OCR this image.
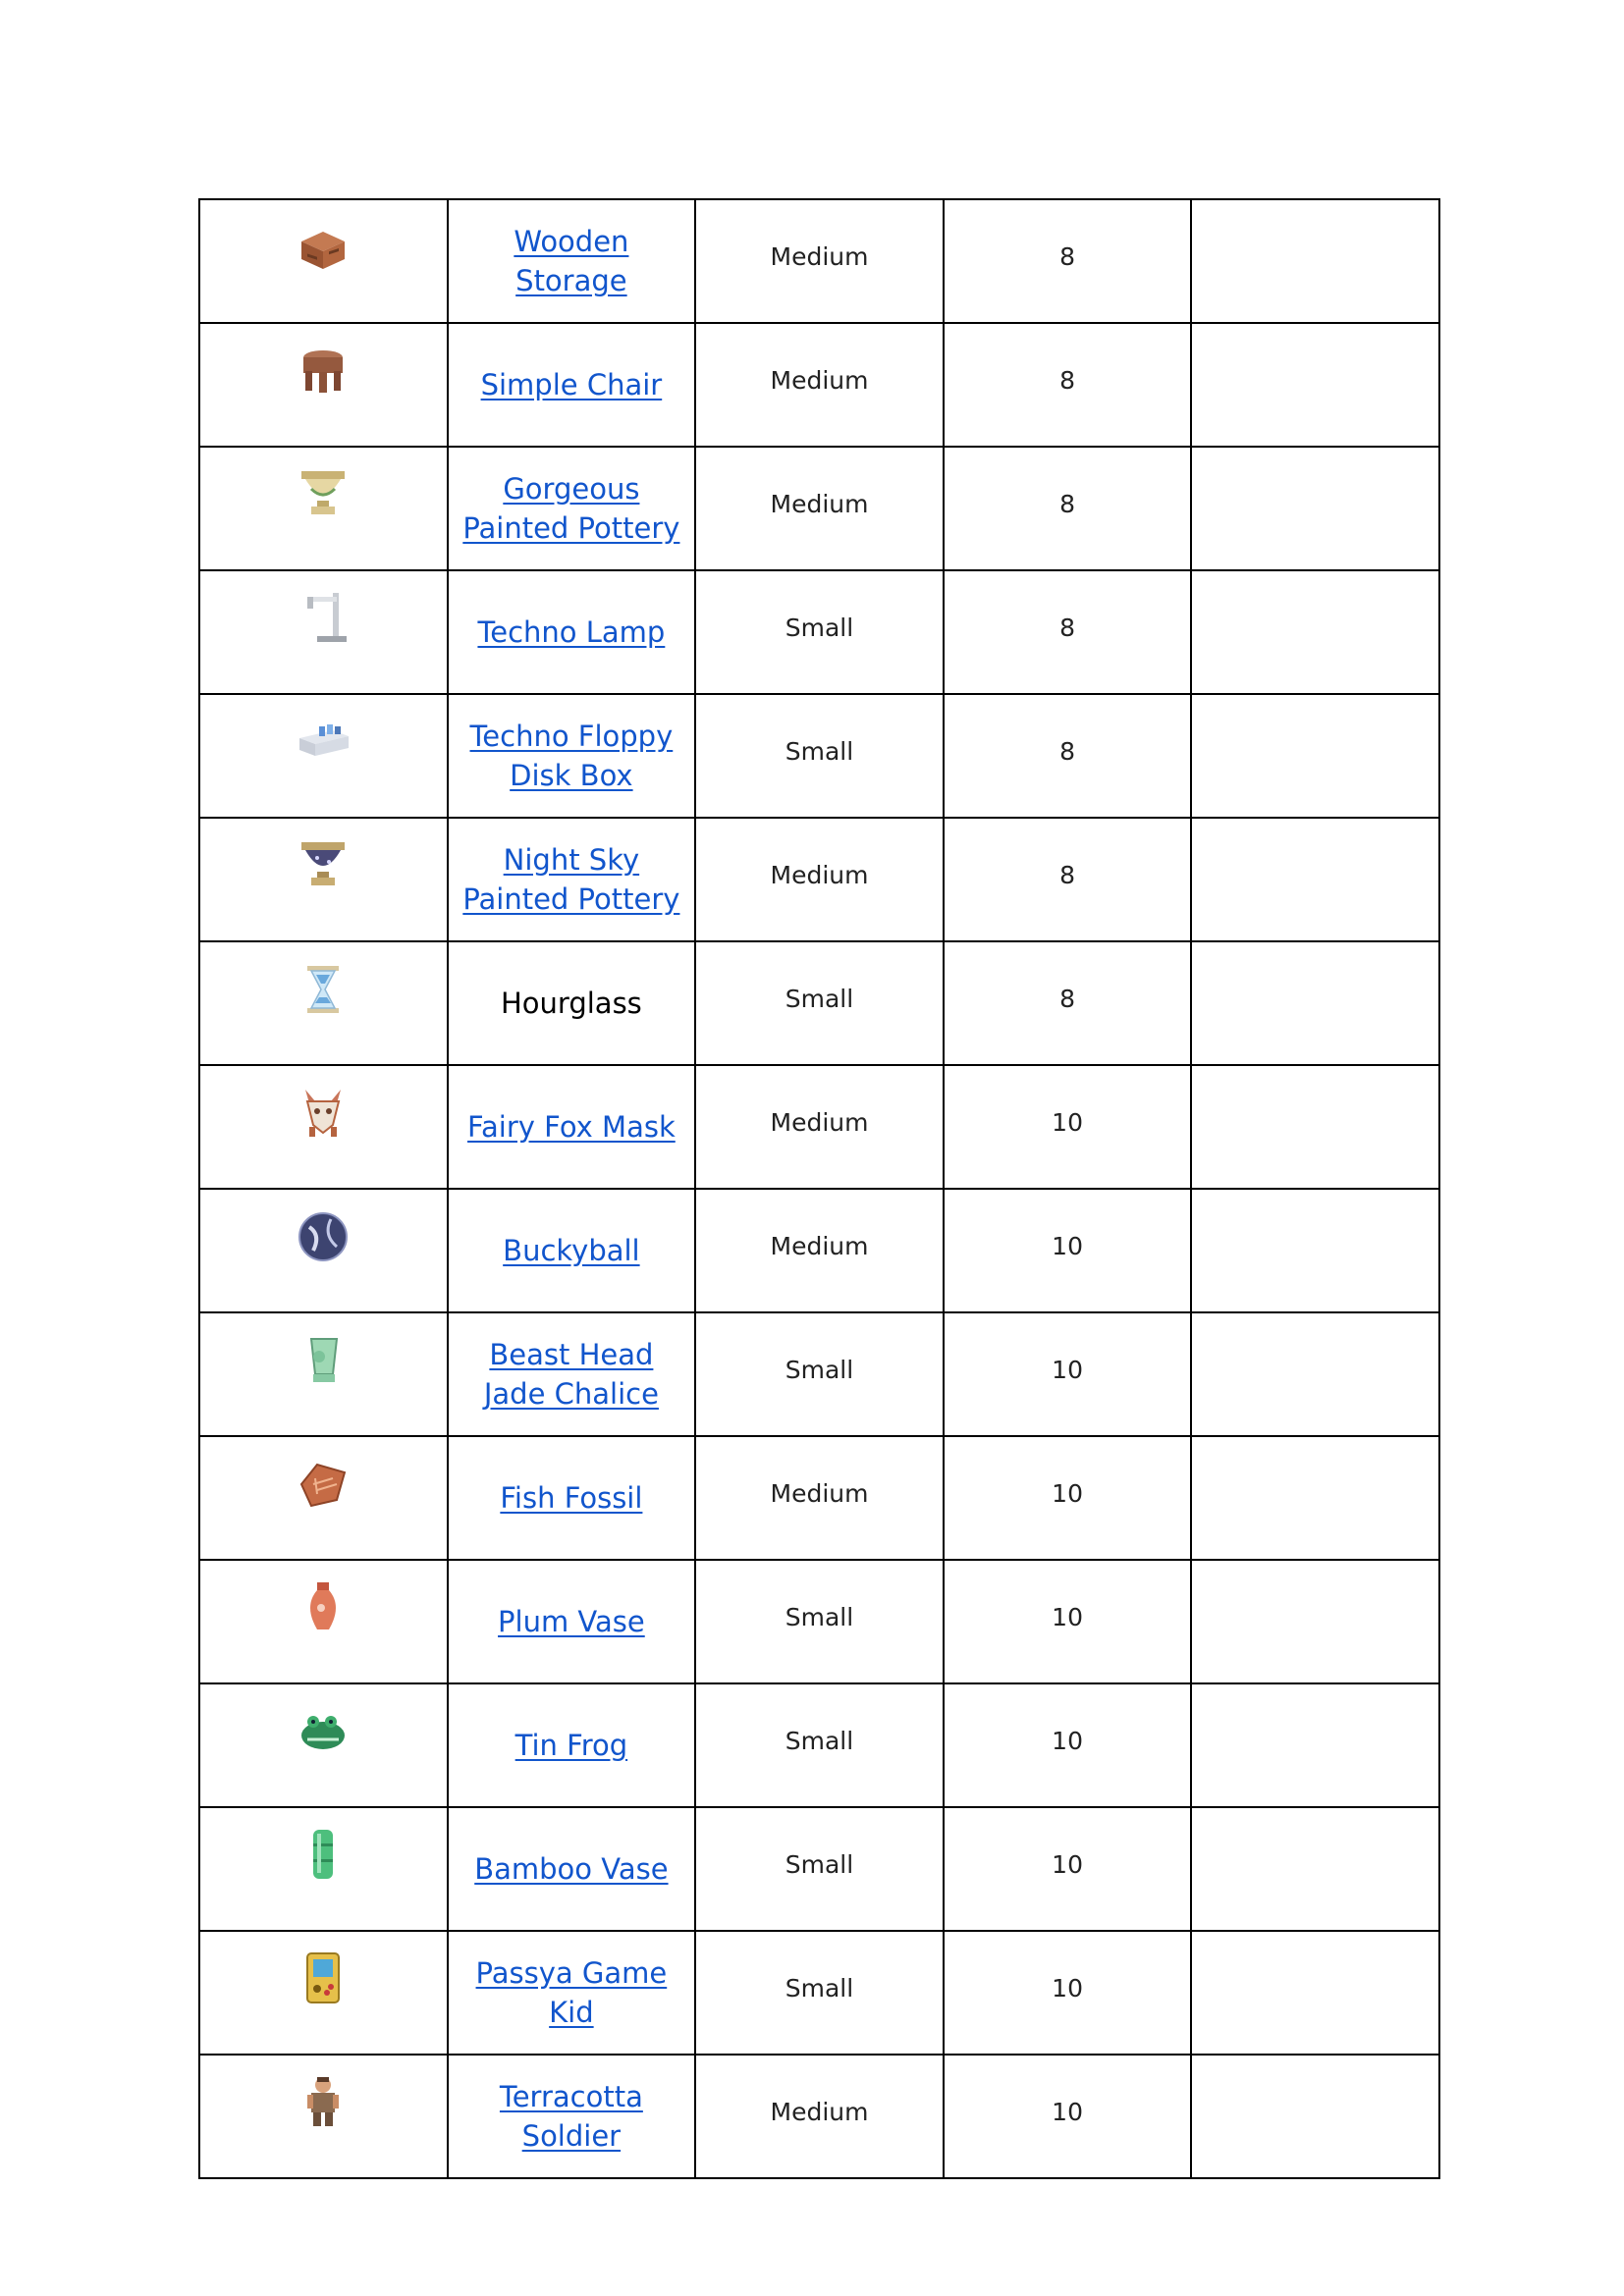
	Wooden Storage	Medium	8	

	Simple Chair	Medium	8	

	Gorgeous Painted Pottery	Medium	8	

	Techno Lamp	Small	8	

	Techno Floppy Disk Box	Small	8	

	Night Sky Painted Pottery	Medium	8	

	Hourglass	Small	8	

	Fairy Fox Mask	Medium	10	

	Buckyball	Medium	10	

	Beast Head Jade Chalice	Small	10	

	Fish Fossil	Medium	10	

	Plum Vase	Small	10	

	Tin Frog	Small	10	

	Bamboo Vase	Small	10	

	Passya Game Kid	Small	10	

	Terracotta Soldier	Medium	10	
